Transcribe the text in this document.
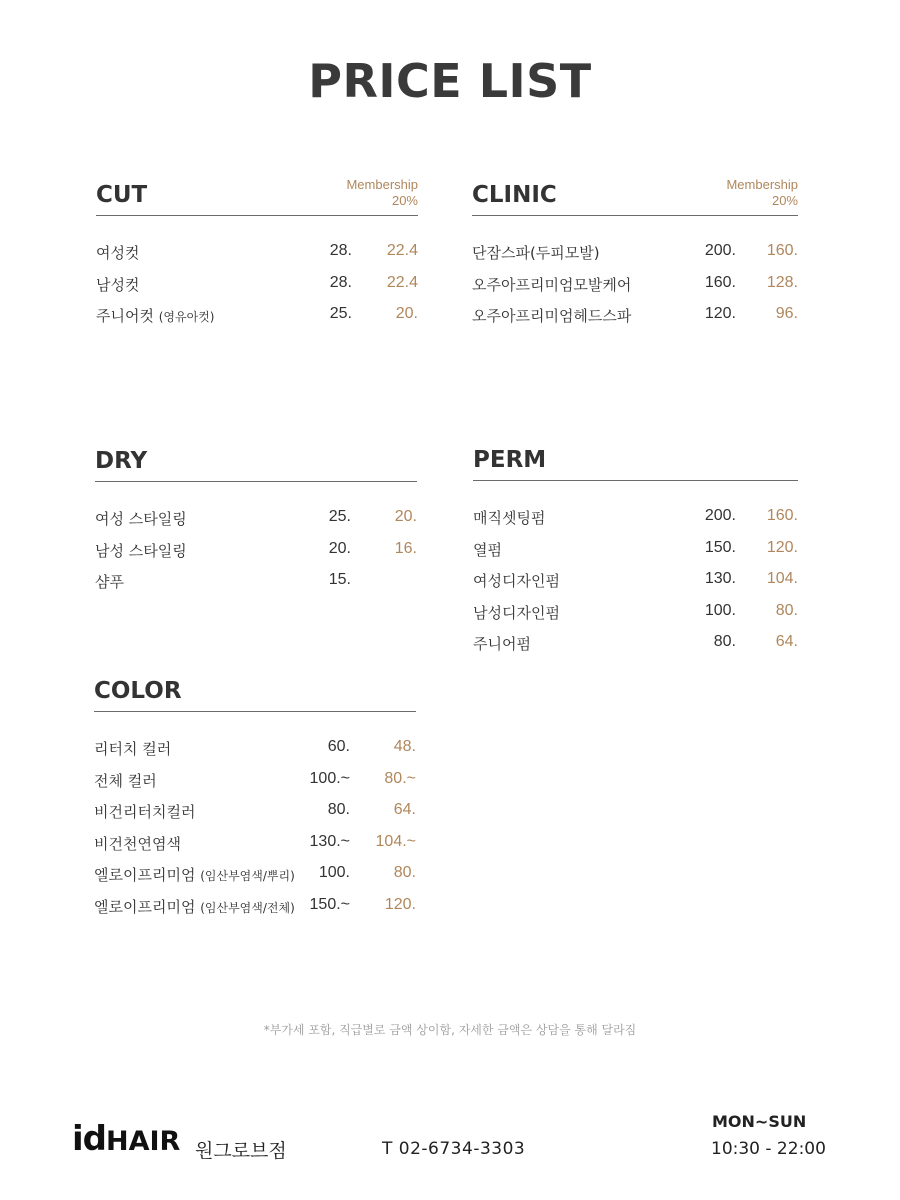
PRICE LIST
CUT	Membership
20%
여성컷	28. 22.4
남성컷	28. 22.4
주니어컷 (영유아컷)	25.	20.
CLINIC	Membership
20%
단잠스파(두피모발)	200. 160.
오주아프리미엄모발케어	160. 128.
오주아프리미엄헤드스파	120. 96.
DRY
여성 스타일링	25.	20.
남성 스타일링	20.	16.
샴푸	15.
PERM
매직셋팅펌	200. 160.
열펌	150. 120.
여성디자인펌	130. 104.
남성디자인펌	100. 80.
주니어펌	80. 64.
COLOR
리터치 컬러	60.	48.
전체 컬러	100.~ 80.~
비건리터치컬러	80.	64.
비건천연염색	130.~ 104.~
엘로이프리미엄 (임산부염색/뿌리) 100.	80.
엘로이프리미엄 (임산부염색/전체) 150.~ 120.

*부가세 포함, 직급별로 금액 상이함, 자세한 금액은 상담을 통해 달라짐

idHAIR 원그로브점	T 02-6734-3303
MON~SUN
10:30 - 22:00
